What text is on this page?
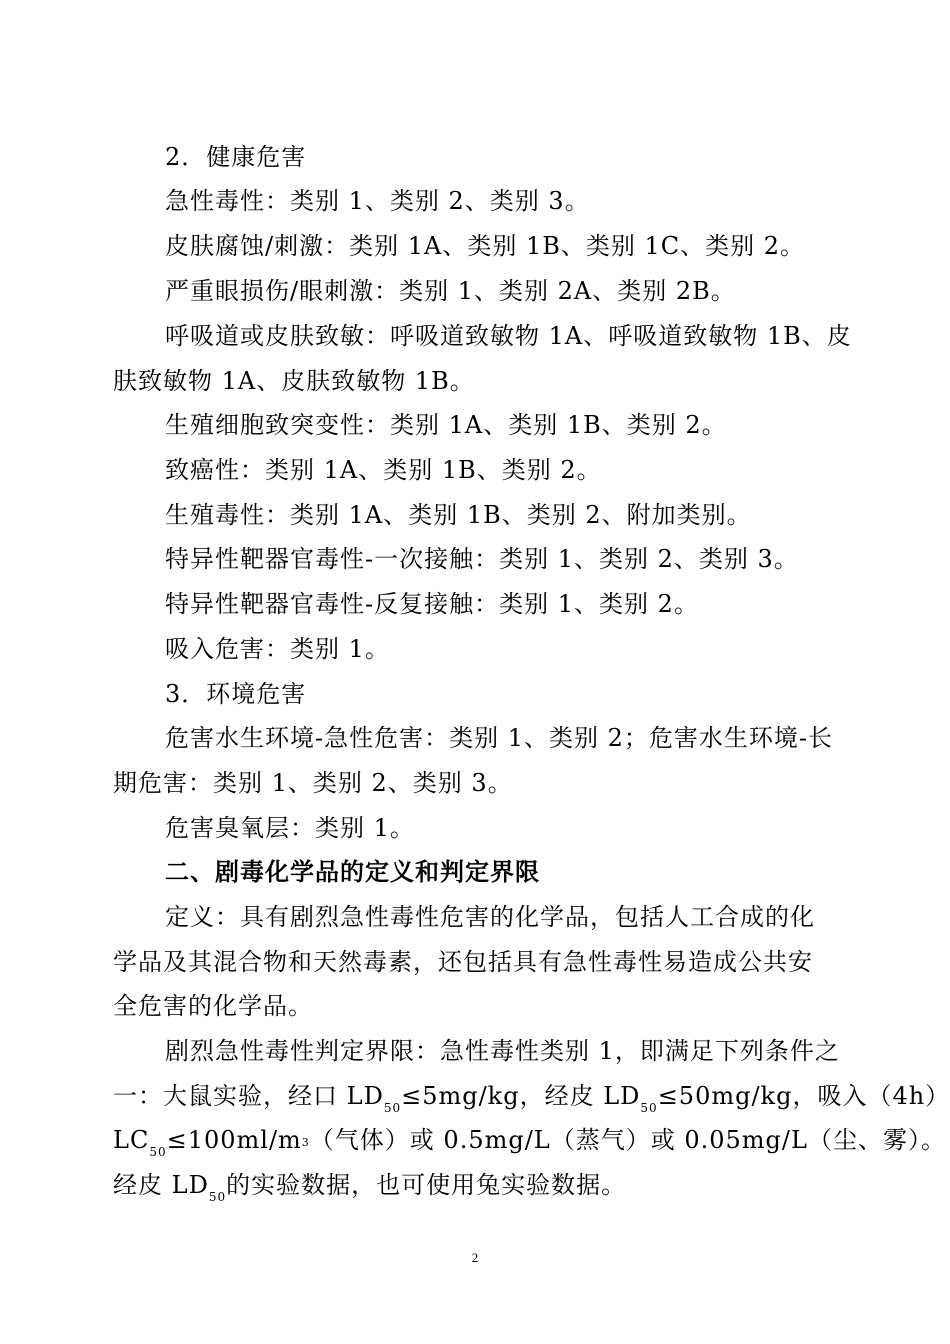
2．健康危害
急性毒性：类别 1、类别 2、类别 3。
皮肤腐蚀/刺激：类别 1A、类别 1B、类别 1C、类别 2。
严重眼损伤/眼刺激：类别 1、类别 2A、类别 2B。
呼吸道或皮肤致敏：呼吸道致敏物 1A、呼吸道致敏物 1B、皮
肤致敏物 1A、皮肤致敏物 1B。
生殖细胞致突变性：类别 1A、类别 1B、类别 2。
致癌性：类别 1A、类别 1B、类别 2。
生殖毒性：类别 1A、类别 1B、类别 2、附加类别。
特异性靶器官毒性-一次接触：类别 1、类别 2、类别 3。
特异性靶器官毒性-反复接触：类别 1、类别 2。
吸入危害：类别 1。
3．环境危害
危害水生环境-急性危害：类别 1、类别 2；危害水生环境-长
期危害：类别 1、类别 2、类别 3。
危害臭氧层：类别 1。
二、剧毒化学品的定义和判定界限
定义：具有剧烈急性毒性危害的化学品，包括人工合成的化
学品及其混合物和天然毒素，还包括具有急性毒性易造成公共安
全危害的化学品。
剧烈急性毒性判定界限：急性毒性类别 1，即满足下列条件之
一：大鼠实验，经口 $LD_{50}\le 5mg/kg$，经皮 $LD_{50}\le 50mg/kg$，吸入（4h）
$LC_{50}\le 100ml/m^3$（气体）或 0.5mg/L（蒸气）或 0.05mg/L（尘、雾）。
经皮 $LD_{50}$的实验数据，也可使用兔实验数据。
2
